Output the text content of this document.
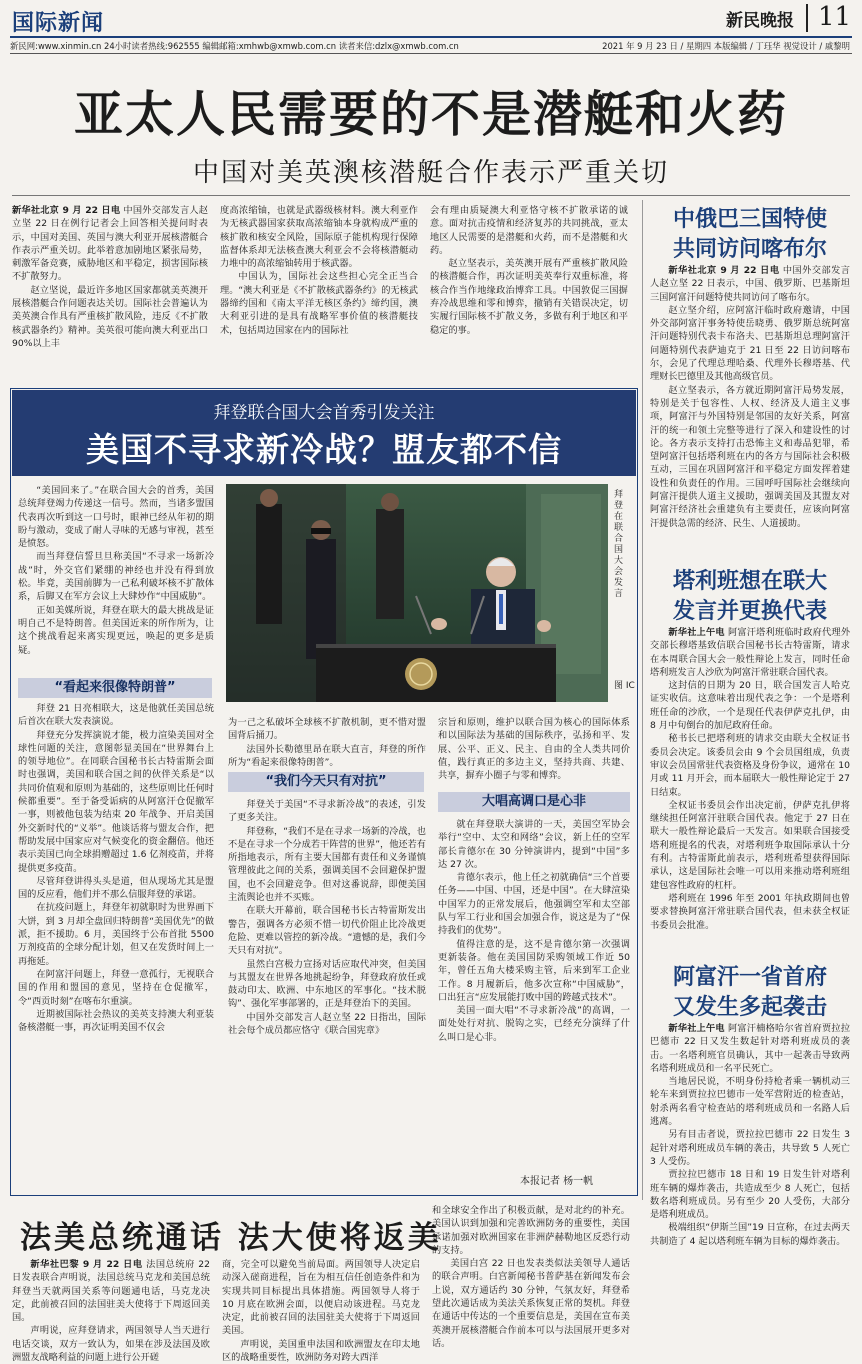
国际新闻	新民晚报 11
新民网:www.xinmin.cn 24小时读者热线:962555 编辑邮箱:xmhwb@xmwb.com.cn 读者来信:dzlx@xmwb.com.cn	2021 年 9 月 23 日 / 星期四 本版编辑 / 丁珏华 视觉设计 / 戚黎明
亚太人民需要的不是潜艇和火药
中国对美英澳核潜艇合作表示严重关切

新华社北京 9 月 22 日电 中国外交部发言人赵立坚 22 日在例行记者会上回答相关提问时表示，中国对美国、英国与澳大利亚开展核潜艇合作表示严重关切。此举着意加剧地区紧张局势，刺激军备竞赛，威胁地区和平稳定，损害国际核不扩散努力。

赵立坚说，最近许多地区国家都就美英澳开展核潜艇合作问题表达关切。国际社会普遍认为美英澳合作具有严重核扩散风险，违反《不扩散核武器条约》精神。美英很可能向澳大利亚出口 90%以上丰

度高浓缩铀，也就是武器级核材料。澳大利亚作为无核武器国家获取高浓缩铀本身就构成严重的核扩散和核安全风险，国际原子能机构现行保障监督体系却无法核查澳大利亚会不会将核潜艇动力堆中的高浓缩铀转用于核武器。

中国认为，国际社会这些担心完全正当合理。“澳大利亚是《不扩散核武器条约》的无核武器缔约国和《南太平洋无核区条约》缔约国，澳大利亚引进的是具有战略军事价值的核潜艇技术，包括周边国家在内的国际社

会有理由质疑澳大利亚恪守核不扩散承诺的诚意。面对抗击疫情和经济复苏的共同挑战，亚太地区人民需要的是潜艇和火药，而不是潜艇和火药。

赵立坚表示，美英澳开展有严重核扩散风险的核潜艇合作，再次证明美英奉行双重标准，将核合作当作地缘政治博弈工具。中国敦促三国摒弃冷战思维和零和博弈，撤销有关错误决定，切实履行国际核不扩散义务，多做有利于地区和平稳定的事。

中俄巴三国特使
共同访问喀布尔

新华社北京 9 月 22 日电 中国外交部发言人赵立坚 22 日表示，中国、俄罗斯、巴基斯坦三国阿富汗问题特使共同访问了喀布尔。

赵立坚介绍，应阿富汗临时政府邀请，中国外交部阿富汗事务特使岳晓勇、俄罗斯总统阿富汗问题特别代表卡布洛夫、巴基斯坦总理阿富汗问题特别代表萨迪克于 21 日至 22 日访问喀布尔，会见了代理总理哈桑、代理外长穆塔基、代理财长巴德里及其他高级官员。

赵立坚表示，各方就近期阿富汗局势发展，特别是关于包容性、人权、经济及人道主义事项，阿富汗与外国特别是邻国的友好关系，阿富汗的统一和领土完整等进行了深入和建设性的讨论。各方表示支持打击恐怖主义和毒品犯罪，希望阿富汗包括塔利班在内的各方与国际社会积极互动，三国在巩固阿富汗和平稳定方面发挥着建设性和负责任的作用。三国呼吁国际社会继续向阿富汗提供人道主义援助，强调美国及其盟友对阿富汗经济社会重建负有主要责任，应该向阿富汗提供急需的经济、民生、人道援助。

塔利班想在联大
发言并更换代表

新华社上午电 阿富汗塔利班临时政府代理外交部长穆塔基致信联合国秘书长古特雷斯，请求在本周联合国大会一般性辩论上发言，同时任命塔利班发言人沙欣为阿富汗常驻联合国代表。

这封信的日期为 20 日，联合国发言人哈克证实收信。这意味着出现代表之争：一个是塔利班任命的沙欣，一个是现任代表伊萨克扎伊，由 8 月中旬倒台的加尼政府任命。

秘书长已把塔利班的请求交由联大全权证书委员会决定。该委员会由 9 个会员国组成，负责审议会员国常驻代表资格及身份争议，通常在 10 月或 11 月开会，而本届联大一般性辩论定于 27 日结束。

全权证书委员会作出决定前，伊萨克扎伊将继续担任阿富汗驻联合国代表。他定于 27 日在联大一般性辩论最后一天发言。如果联合国接受塔利班提名的代表，对塔利班争取国际承认十分有利。古特雷斯此前表示，塔利班希望获得国际承认，这是国际社会唯一可以用来推动塔利班组建包容性政府的杠杆。

塔利班在 1996 年至 2001 年执政期间也曾要求替换阿富汗常驻联合国代表，但未获全权证书委员会批准。

阿富汗一省首府
又发生多起袭击

新华社上午电 阿富汗楠格哈尔省首府贾拉拉巴德市 22 日又发生数起针对塔利班成员的袭击。一名塔利班官员确认，其中一起袭击导致两名塔利班成员和一名平民死亡。

当地居民说，不明身份持枪者乘一辆机动三轮车来到贾拉拉巴德市一处军营附近的检查站，射杀两名看守检查站的塔利班成员和一名路人后逃离。

另有目击者说，贾拉拉巴德市 22 日发生 3 起针对塔利班成员车辆的袭击，共导致 5 人死亡 3 人受伤。

贾拉拉巴德市 18 日和 19 日发生针对塔利班车辆的爆炸袭击，共造成至少 8 人死亡，包括数名塔利班成员。另有至少 20 人受伤，大部分是塔利班成员。

极端组织“伊斯兰国”19 日宣称，在过去两天共制造了 4 起以塔利班车辆为目标的爆炸袭击。

拜登联合国大会首秀引发关注
美国不寻求新冷战？盟友都不信

“美国回来了。”在联合国大会的首秀，美国总统拜登竭力传递这一信号。然而，当诸多盟国代表再次听到这一口号时，眼神已经从年初的期盼与激动，变成了耐人寻味的无感与审视，甚至是愤怒。

而当拜登信誓旦旦称美国“不寻求一场新冷战”时，外交官们紧绷的神经也并没有得到放松。毕竟，美国前脚为一己私利破坏核不扩散体系，后脚又在军方会议上大肆炒作“中国威胁”。

正如美媒所说，拜登在联大的最大挑战是证明自己不是特朗普。但美国近来的所作所为，让这个挑战看起来离实现更远，唤起的更多是质疑。

“看起来很像特朗普”

拜登 21 日亮相联大，这是他就任美国总统后首次在联大发表演说。

拜登充分发挥演说才能，极力渲染美国对全球性问题的关注，意图彰显美国在“世界舞台上的领导地位”。在同联合国秘书长古特雷斯会面时也强调，美国和联合国之间的伙伴关系是“以共同价值观和原则为基础的，这些原则比任何时候都重要”。至于备受诟病的从阿富汗仓促撤军一事，则被他包装为结束 20 年战争、开启美国外交新时代的“义举”。他谈话将与盟友合作，把帮助发展中国家应对气候变化的资金翻倍。他还表示美国已向全球捐赠超过 1.6 亿剂疫苗，并将提供更多疫苗。

尽管拜登讲得头头是道，但从现场尤其是盟国的反应看，他们并不那么信服拜登的承诺。

在抗疫问题上，拜登年初就职时为世界画下大饼，到 3 月却全盘回归特朗普“美国优先”的做派，拒不援助。6 月，美国终于公布首批 5500 万剂疫苗的全球分配计划，但又在发货时间上一再拖延。

在阿富汗问题上，拜登一意孤行，无视联合国的作用和盟国的意见，坚持在仓促撤军，令“西贡时刻”在喀布尔重演。

近期被国际社会热议的美英支持澳大利亚装备核潜艇一事，再次证明美国不仅会

拜登在联合国大会发言
图 IC

为一己之私破坏全球核不扩散机制，更不惜对盟国背后捅刀。

法国外长勒德里昂在联大直言，拜登的所作所为“看起来很像特朗普”。

“我们今天只有对抗”

拜登关于美国“不寻求新冷战”的表述，引发了更多关注。

拜登称，“我们不是在寻求一场新的冷战，也不是在寻求一个分成若干阵营的世界”，他还若有所指地表示，所有主要大国都有责任和义务谨慎管理彼此之间的关系，强调美国不会回避保护盟国，也不会回避竞争。但对这番说辞，即便美国主流舆论也并不买账。

在联大开幕前，联合国秘书长古特雷斯发出警告，强调各方必须不惜一切代价阻止比冷战更危险、更难以管控的新冷战。“遗憾的是，我们今天只有对抗”。

虽然白宫极力宣扬对话应取代冲突，但美国与其盟友在世界各地挑起纷争，拜登政府放任或鼓动印太、欧洲、中东地区的军事化。“技术脱钩”、强化军事部署的，正是拜登治下的美国。

中国外交部发言人赵立坚 22 日指出，国际社会每个成员都应恪守《联合国宪章》

宗旨和原则，维护以联合国为核心的国际体系和以国际法为基础的国际秩序，弘扬和平、发展、公平、正义、民主、自由的全人类共同价值，践行真正的多边主义，坚持共商、共建、共享，摒弃小圈子与零和博弈。

大唱高调口是心非

就在拜登联大演讲的一天，美国空军协会举行“空中、太空和网络”会议，新上任的空军部长肯德尔在 30 分钟演讲内，提到“中国”多达 27 次。

肯德尔表示，他上任之初就确信“三个首要任务——中国、中国，还是中国”。在大肆渲染中国军力的正常发展后，他强调空军和太空部队与军工行业和国会加强合作，说这是为了“保持我们的优势”。

值得注意的是，这不是肯德尔第一次强调更新装备。他在美国国防采购领域工作近 50 年，曾任五角大楼采购主管，后来到军工企业工作。8 月履新后，他多次宣称“中国威胁”，口出狂言“应发展能打败中国的跨越式技术”。

美国一面大唱“不寻求新冷战”的高调，一面处处行对抗、脱钩之实，已经充分演绎了什么叫口是心非。

本报记者 杨一帆
法美总统通话 法大使将返美

新华社巴黎 9 月 22 日电 法国总统府 22 日发表联合声明说，法国总统马克龙和美国总统拜登当天就两国关系等问题通电话，马克龙决定，此前被召回的法国驻美大使将于下周返回美国。

声明说，应拜登请求，两国领导人当天进行电话交谈，双方一致认为，如果在涉及法国及欧洲盟友战略利益的问题上进行公开磋

商，完全可以避免当前局面。两国领导人决定启动深入磋商进程，旨在为相互信任创造条件和为实现共同目标提出具体措施。两国领导人将于 10 月底在欧洲会面，以便启动该进程。马克龙决定，此前被召回的法国驻美大使将于下周返回美国。

声明说，美国重申法国和欧洲盟友在印太地区的战略重要性，欧洲防务对跨大西洋

和全球安全作出了积极贡献，是对北约的补充。美国认识到加强和完善欧洲防务的重要性，美国承诺加强对欧洲国家在非洲萨赫勒地区反恐行动的支持。

美国白宫 22 日也发表类似法美领导人通话的联合声明。白宫新闻秘书普萨基在新闻发布会上说，双方通话约 30 分钟，气氛友好，拜登希望此次通话成为美法关系恢复正常的契机。拜登在通话中传达的一个重要信息是，美国在宣布美英澳开展核潜艇合作前本可以与法国展开更多对话。
